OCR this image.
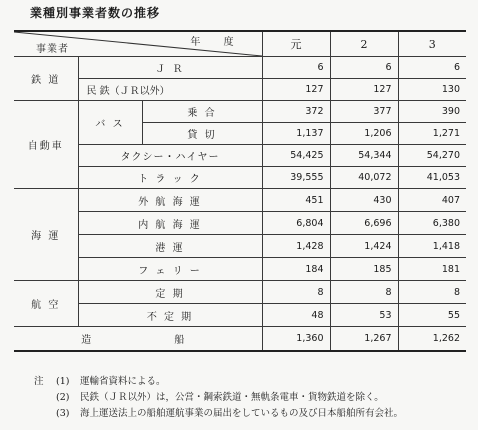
業種別事業者数の推移
年 度
事業者			元	2	3
鉄 道	Ｊ Ｒ		6	6	6
	民 鉄（ＪＲ以外）		127	127	130
自動車	バ ス	乗 合	372	377	390
		貸 切	1,137	1,206	1,271
	タクシー・ハイヤー		54,425	54,344	54,270
	ト ラ ッ ク		39,555	40,072	41,053
海 運	外 航 海 運		451	430	407
	内 航 海 運		6,804	6,696	6,380
	港 運		1,428	1,424	1,418
	フ ェ リ ー		184	185	181
航 空	定 期		8	8	8
	不 定 期		48	53	55
造 船			1,360	1,267	1,262
注	(1)	運輸省資料による。
(2)	民鉄（ＪＲ以外）は，公営・鋼索鉄道・無軌条電車・貨物鉄道を除く。
(3)	海上運送法上の船舶運航事業の届出をしているもの及び日本船舶所有会社。
